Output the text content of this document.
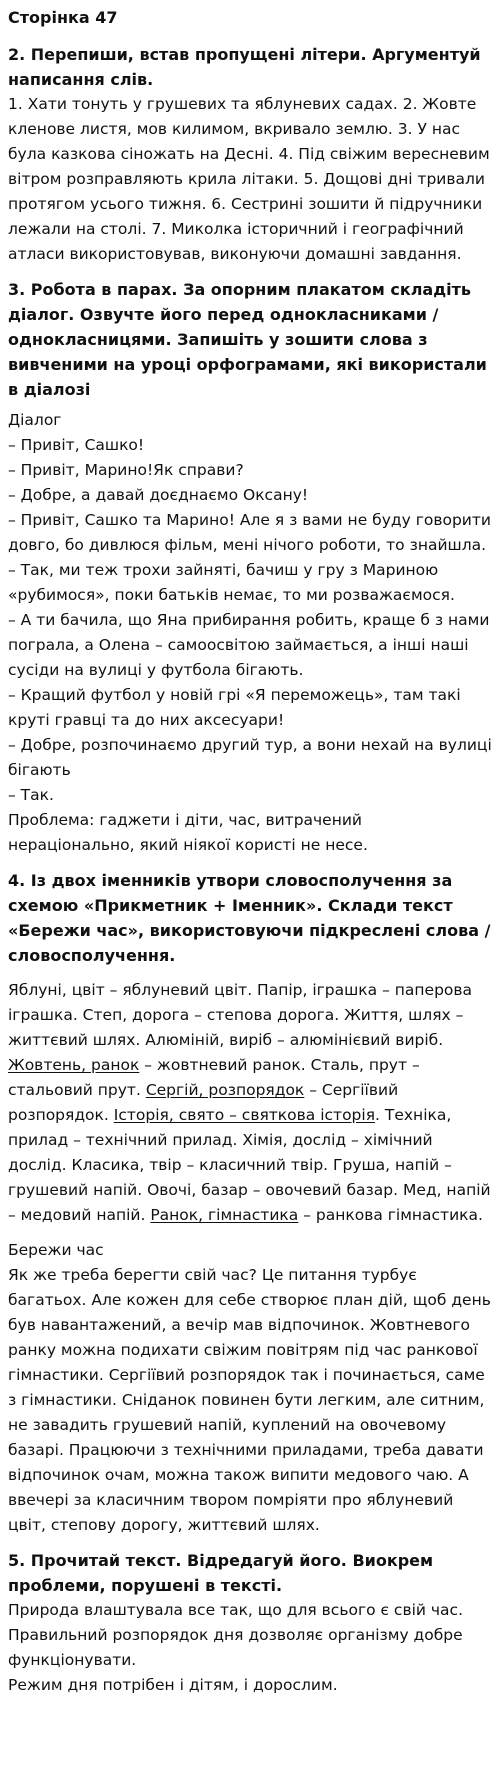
Сторінка 47

2. Перепиши, встав пропущені літери. Аргументуй написання слів.

1. Хати тонуть у грушевих та яблуневих садах. 2. Жовте кленове листя, мов килимом, вкривало землю. 3. У нас була казкова сіножать на Десні. 4. Під свіжим вересневим вітром розправляють крила літаки. 5. Дощові дні тривали протягом усього тижня. 6. Сестрині зошити й підручники лежали на столі. 7. Миколка історичний і географічний атласи використовував, виконуючи домашні завдання.

3. Робота в парах. За опорним плакатом складіть діалог. Озвучте його перед однокласниками / однокласницями. Запишіть у зошити слова з вивченими на уроці орфограмами, які використали в діалозі

Діалог

– Привіт, Сашко!

– Привіт, Марино!Як справи?

– Добре, а давай доєднаємо Оксану!

– Привіт, Сашко та Марино! Але я з вами не буду говорити довго, бо дивлюся фільм, мені нічого роботи, то знайшла.

– Так, ми теж трохи зайняті, бачиш у гру з Мариною «рубимося», поки батьків немає, то ми розважаємося.

– А ти бачила, що Яна прибирання робить, краще б з нами пограла, а Олена – самоосвітою займається, а інші наші сусіди на вулиці у футбола бігають.

– Кращий футбол у новій грі «Я переможець», там такі круті гравці та до них аксесуари!

– Добре, розпочинаємо другий тур, а вони нехай на вулиці бігають

– Так.

Проблема: гаджети і діти, час, витрачений нераціонально, який ніякої користі не несе.

4. Із двох іменників утвори словосполучення за схемою «Прикметник + Іменник». Склади текст «Бережи час», використовуючи підкреслені слова / словосполучення.

Яблуні, цвіт – яблуневий цвіт. Папір, іграшка – паперова іграшка. Степ, дорога – степова дорога. Життя, шлях – життєвий шлях. Алюміній, виріб – алюмінієвий виріб. Жовтень, ранок – жовтневий ранок. Сталь, прут – стальовий прут. Сергій, розпорядок – Сергіївий розпорядок. Історія, свято – святкова історія. Техніка, прилад – технічний прилад. Хімія, дослід – хімічний дослід. Класика, твір – класичний твір. Груша, напій – грушевий напій. Овочі, базар – овочевий базар. Мед, напій – медовий напій. Ранок, гімнастика – ранкова гімнастика.

Бережи час

Як же треба берегти свій час? Це питання турбує багатьох. Але кожен для себе створює план дій, щоб день був навантажений, а вечір мав відпочинок. Жовтневого ранку можна подихати свіжим повітрям під час ранкової гімнастики. Сергіївий розпорядок так і починається, саме з гімнастики. Сніданок повинен бути легким, але ситним, не завадить грушевий напій, куплений на овочевому базарі. Працюючи з технічними приладами, треба давати відпочинок очам, можна також випити медового чаю. А ввечері за класичним твором помріяти про яблуневий цвіт, степову дорогу, життєвий шлях.

5. Прочитай текст. Відредагуй його. Виокрем проблеми, порушені в тексті.

Природа влаштувала все так, що для всього є свій час.

Правильний розпорядок дня дозволяє організму добре функціонувати.

Режим дня потрібен і дітям, і дорослим.
